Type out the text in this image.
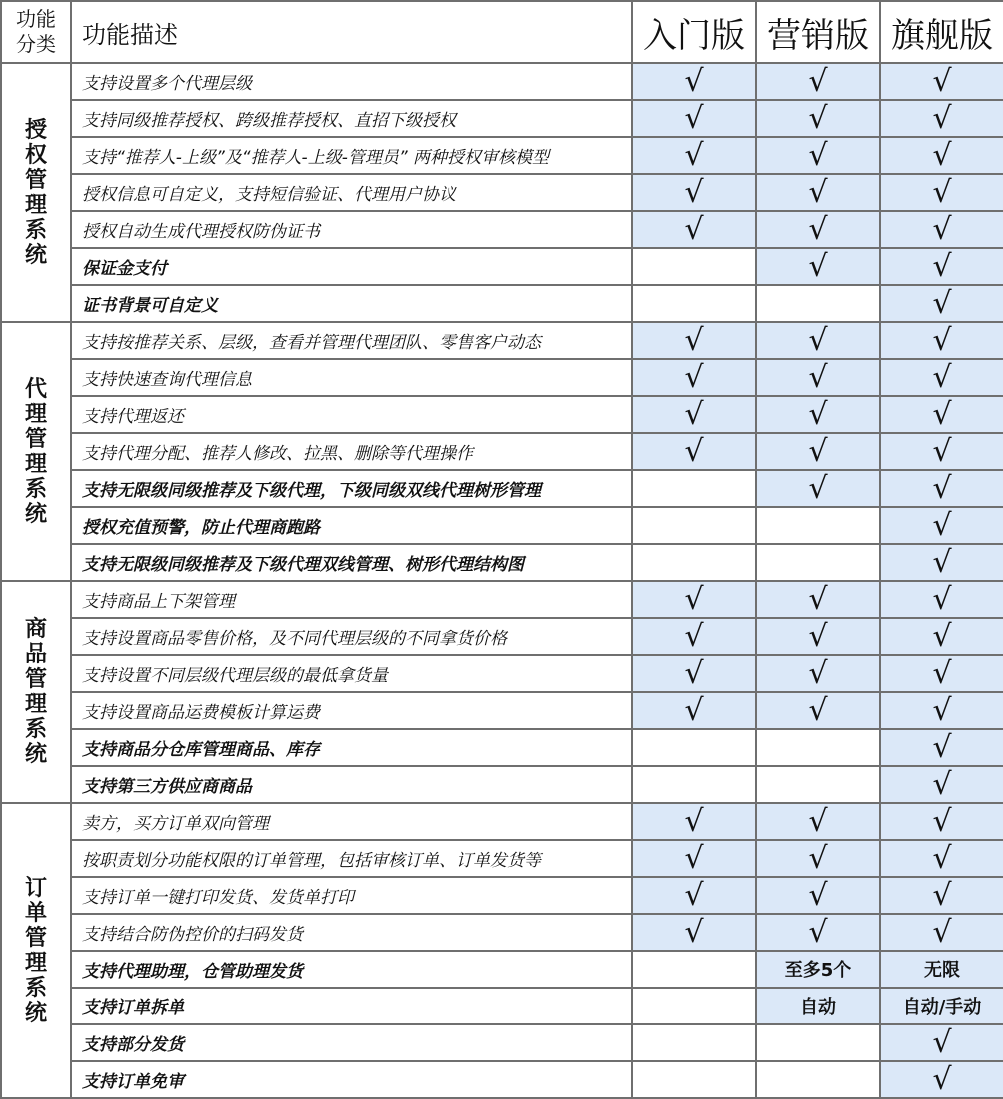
功能
分类	功能描述	入门版	营销版	旗舰版
授权管理系统	支持设置多个代理层级	√	√	√
	支持同级推荐授权、跨级推荐授权、直招下级授权	√	√	√
	支持“推荐人-上级”及“推荐人-上级-管理员” 两种授权审核模型	√	√	√
	授权信息可自定义，支持短信验证、代理用户协议	√	√	√
	授权自动生成代理授权防伪证书	√	√	√
	保证金支付		√	√
	证书背景可自定义			√
代理管理系统	支持按推荐关系、层级，查看并管理代理团队、零售客户动态	√	√	√
	支持快速查询代理信息	√	√	√
	支持代理返还	√	√	√
	支持代理分配、推荐人修改、拉黑、删除等代理操作	√	√	√
	支持无限级同级推荐及下级代理，下级同级双线代理树形管理		√	√
	授权充值预警，防止代理商跑路			√
	支持无限级同级推荐及下级代理双线管理、树形代理结构图			√
商品管理系统	支持商品上下架管理	√	√	√
	支持设置商品零售价格，及不同代理层级的不同拿货价格	√	√	√
	支持设置不同层级代理层级的最低拿货量	√	√	√
	支持设置商品运费模板计算运费	√	√	√
	支持商品分仓库管理商品、库存			√
	支持第三方供应商商品			√
订单管理系统	卖方，买方订单双向管理	√	√	√
	按职责划分功能权限的订单管理，包括审核订单、订单发货等	√	√	√
	支持订单一键打印发货、发货单打印	√	√	√
	支持结合防伪控价的扫码发货	√	√	√
	支持代理助理，仓管助理发货		至多5个	无限
	支持订单拆单		自动	自动/手动
	支持部分发货			√
	支持订单免审			√
